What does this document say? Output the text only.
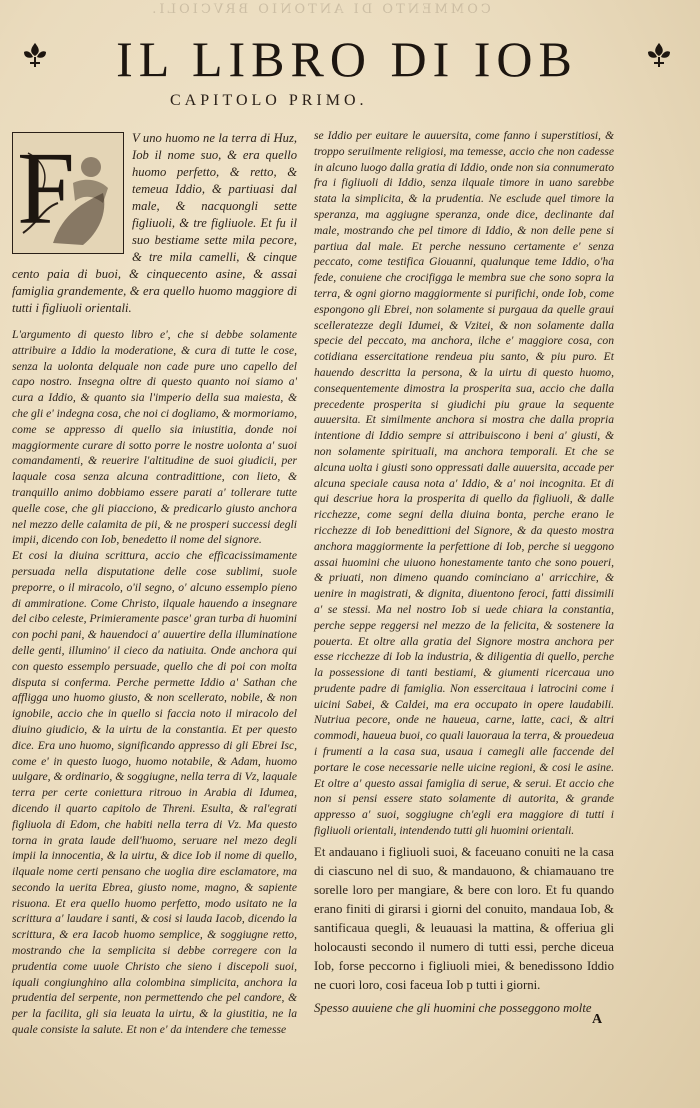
COMMENTO DI ANTONIO BRVCIOLI.
IL LIBRO DI IOB
CAPITOLO PRIMO.
F	V uno huomo ne la terra di Huz, Iob il nome suo, & era quello huomo perfetto, & retto, & temeua Iddio, & partiuasi dal male, & nacquongli sette figliuoli, & tre figliuole. Et fu il suo bestiame sette mila pecore, & tre mila camelli, & cinque cento paia di buoi, & cinquecento asine, & assai famiglia grandemente, & era quello huomo maggiore di tutti i figliuoli orientali.

L'argumento di questo libro e', che si debbe solamente attribuire a Iddio la moderatione, & cura di tutte le cose, senza la uolonta delquale non cade pure uno capello del capo nostro. Insegna oltre di questo quanto noi siamo a' cura a Iddio, & quanto sia l'imperio della sua maiesta, & che gli e' indegna cosa, che noi ci dogliamo, & mormoriamo, come se appresso di quello sia iniustitia, donde noi maggiormente curare di sotto porre le nostre uolonta a' suoi comandamenti, & reuerire l'altitudine de suoi giudicii, per laquale cosa senza alcuna contradittione, con lieto, & tranquillo animo dobbiamo essere parati a' tollerare tutte quelle cose, che gli piacciono, & predicarlo giusto anchora nel mezzo delle calamita de pii, & ne prosperi successi degli impii, dicendo con Iob, benedetto il nome del signore.

Et cosi la diuina scrittura, accio che efficacissimamente persuada nella disputatione delle cose sublimi, suole preporre, o il miracolo, o'il segno, o' alcuno essemplo pieno di ammiratione. Come Christo, ilquale hauendo a insegnare del cibo celeste, Primieramente pasce' gran turba di huomini con pochi pani, & hauendoci a' auuertire della illuminatione delle genti, illumino' il cieco da natiuita. Onde anchora qui con questo essemplo persuade, quello che di poi con molta disputa si conferma. Perche permette Iddio a' Sathan che affligga uno huomo giusto, & non scellerato, nobile, & non ignobile, accio che in quello si faccia noto il miracolo del diuino giudicio, & la uirtu de la constantia. Et per questo dice. Era uno huomo, significando appresso di gli Ebrei Isc, come e' in questo luogo, huomo notabile, & Adam, huomo uulgare, & ordinario, & soggiugne, nella terra di Vz, laquale terra per certe coniettura ritrouo in Arabia di Idumea, dicendo il quarto capitolo de Threni. Esulta, & ral'egrati figliuola di Edom, che habiti nella terra di Vz. Ma questo torna in grata laude dell'huomo, seruare nel mezo degli impii la innocentia, & la uirtu, & dice Iob il nome di quello, ilquale nome certi pensano che uoglia dire esclamatore, ma secondo la uerita Ebrea, giusto nome, magno, & sapiente risuona. Et era quello huomo perfetto, modo usitato ne la scrittura a' laudare i santi, & cosi si lauda Iacob, dicendo la scrittura, & era Iacob huomo semplice, & soggiugne retto, mostrando che la semplicita si debbe corregere con la prudentia come uuole Christo che sieno i discepoli suoi, iquali congiunghino alla colombina simplicita, anchora la prudentia del serpente, non permettendo che pel candore, & per la facilita, gli sia leuata la uirtu, & la giustitia, ne la quale consiste la salute. Et non e' da intendere che temesse

se Iddio per euitare le auuersita, come fanno i superstitiosi, & troppo seruilmente religiosi, ma temesse, accio che non cadesse in alcuno luogo dalla gratia di Iddio, onde non sia connumerato fra i figliuoli di Iddio, senza ilquale timore in uano sarebbe stata la simplicita, & la prudentia. Ne esclude quel timore la speranza, ma aggiugne speranza, onde dice, declinante dal male, mostrando che pel timore di Iddio, & non delle pene si partiua dal male. Et perche nessuno certamente e' senza peccato, come testifica Giouanni, qualunque teme Iddio, o'ha fede, conuiene che crocifigga le membra sue che sono sopra la terra, & ogni giorno maggiormente si purifichi, onde Iob, come espongono gli Ebrei, non solamente si purgaua da quelle graui scelleratezze degli Idumei, & Vzitei, & non solamente dalla specie del peccato, ma anchora, ilche e' maggiore cosa, con cotidiana essercitatione rendeua piu santo, & piu puro. Et hauendo descritta la persona, & la uirtu di questo huomo, consequentemente dimostra la prosperita sua, accio che dalla precedente prosperita si giudichi piu graue la sequente auuersita. Et similmente anchora si mostra che dalla propria intentione di Iddio sempre si attribuiscono i beni a' giusti, & non solamente spirituali, ma anchora temporali. Et che se alcuna uolta i giusti sono oppressati dalle auuersita, accade per alcuna speciale causa nota a' Iddio, & a' noi incognita. Et di qui descriue hora la prosperita di quello da figliuoli, & dalle ricchezze, come segni della diuina bonta, perche erano le ricchezze di Iob benedittioni del Signore, & da questo mostra anchora maggiormente la perfettione di Iob, perche si ueggono assai huomini che uiuono honestamente tanto che sono poueri, & priuati, non dimeno quando cominciano a' arricchire, & uenire in magistrati, & dignita, diuentono feroci, fatti dissimili a' se stessi. Ma nel nostro Iob si uede chiara la constantia, perche seppe reggersi nel mezzo de la felicita, & sostenere la pouerta. Et oltre alla gratia del Signore mostra anchora per esse ricchezze di Iob la industria, & diligentia di quello, perche la possessione di tanti bestiami, & giumenti ricercaua uno prudente padre di famiglia. Non essercitaua i latrocini come i uicini Sabei, & Caldei, ma era occupato in opere laudabili. Nutriua pecore, onde ne haueua, carne, latte, caci, & altri commodi, haueua buoi, co quali lauoraua la terra, & prouedeua i frumenti a la casa sua, usaua i camegli alle faccende del portare le cose necessarie nelle uicine regioni, & cosi le asine. Et oltre a' questo assai famiglia di serue, & serui. Et accio che non si pensi essere stato solamente di autorita, & grande appresso a' suoi, soggiugne ch'egli era maggiore di tutti i figliuoli orientali, intendendo tutti gli huomini orientali.

Et andauano i figliuoli suoi, & faceuano conuiti ne la casa di ciascuno nel di suo, & mandauono, & chiamauano tre sorelle loro per mangiare, & bere con loro. Et fu quando erano finiti di girarsi i giorni del conuito, mandaua Iob, & santificaua quegli, & leuauasi la mattina, & offeriua gli holocausti secondo il numero di tutti essi, perche diceua Iob, forse peccorno i figliuoli miei, & benedissono Iddio ne cuori loro, cosi faceua Iob p tutti i giorni.

Spesso auuiene che gli huomini che posseggono molte

A
